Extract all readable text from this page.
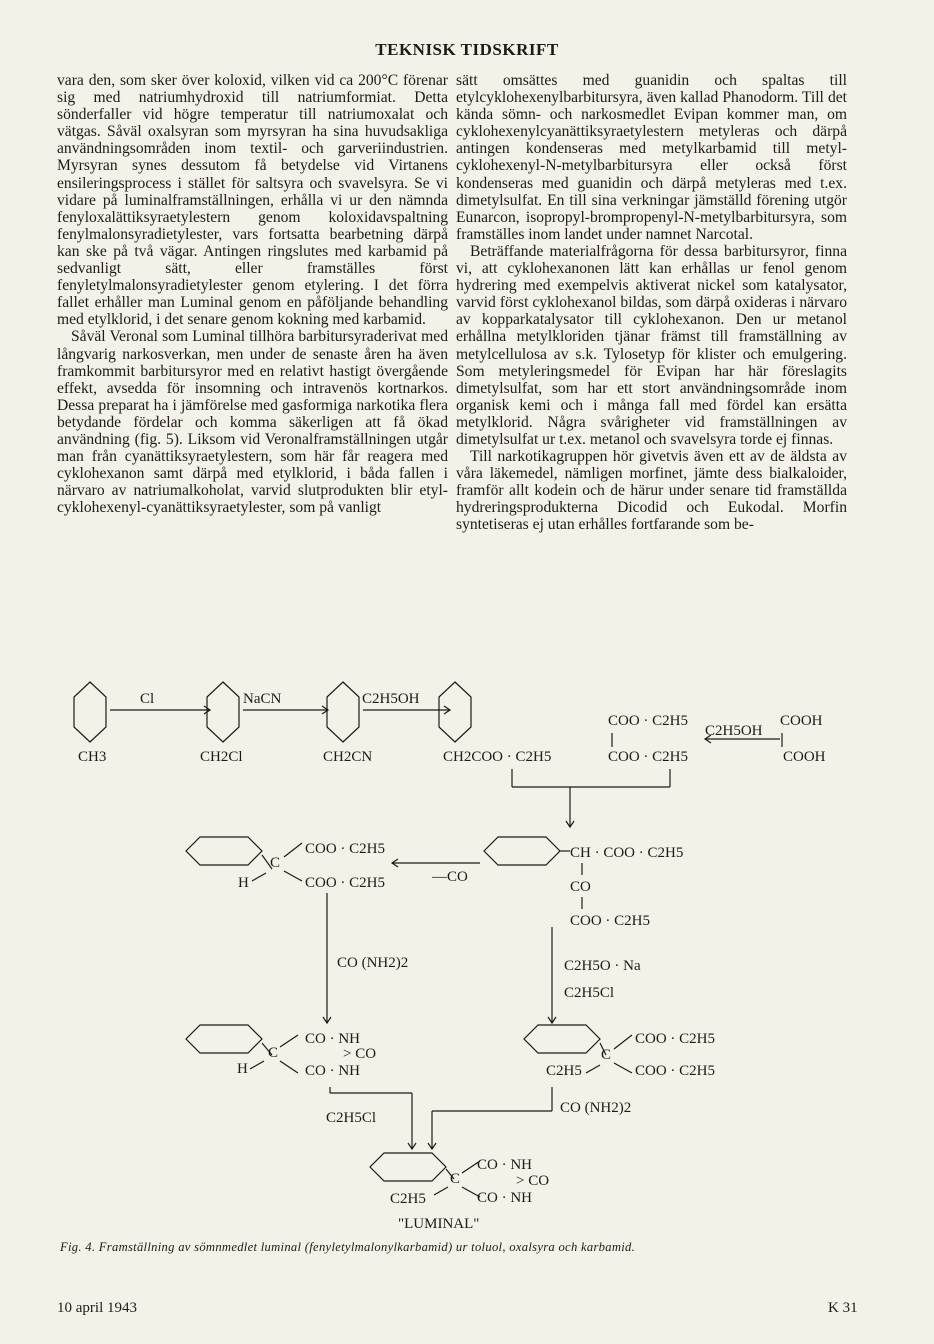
TEKNISK TIDSKRIFT

vara den, som sker över koloxid, vilken vid ca 200°C förenar sig med natriumhydroxid till natriumformiat. Detta sönderfaller vid högre temperatur till natriumoxalat och vätgas. Såväl oxalsyran som myrsyran ha sina huvudsakliga användningsområden inom textil- och garveriindustrien. Myrsyran synes dessutom få betydelse vid Virtanens ensileringsprocess i stället för saltsyra och svavelsyra. Se vi vidare på luminalframställningen, erhålla vi ur den nämnda fenyloxalättiksyraetylestern genom koloxidavspaltning fenylmalonsyradietylester, vars fortsatta bearbetning därpå kan ske på två vägar. Antingen ringslutes med karbamid på sedvanligt sätt, eller framställes först fenyletylmalonsyradietylester genom etylering. I det förra fallet erhåller man Luminal genom en påföljande behandling med etylklorid, i det senare genom kokning med karbamid.

Såväl Veronal som Luminal tillhöra barbitursyraderivat med långvarig narkosverkan, men under de senaste åren ha även framkommit barbitursyror med en relativt hastigt övergående effekt, avsedda för insomning och intravenös kortnarkos. Dessa preparat ha i jämförelse med gasformiga narkotika flera betydande fördelar och komma säkerligen att få ökad användning (fig. 5). Liksom vid Veronalframställningen utgår man från cyanättiksyraetylestern, som här får reagera med cyklohexanon samt därpå med etylklorid, i båda fallen i närvaro av natriumalkoholat, varvid slutprodukten blir etyl-cyklohexenyl-cyanättiksyraetylester, som på vanligt

sätt omsättes med guanidin och spaltas till etylcyklohexenylbarbitursyra, även kallad Phanodorm. Till det kända sömn- och narkosmedlet Evipan kommer man, om cyklohexenylcyanättiksyraetylestern metyleras och därpå antingen kondenseras med metylkarbamid till metyl-cyklohexenyl-N-metylbarbitursyra eller också först kondenseras med guanidin och därpå metyleras med t.ex. dimetylsulfat. En till sina verkningar jämställd förening utgör Eunarcon, isopropyl-brompropenyl-N-metylbarbitursyra, som framställes inom landet under namnet Narcotal.

Beträffande materialfrågorna för dessa barbitursyror, finna vi, att cyklohexanonen lätt kan erhållas ur fenol genom hydrering med exempelvis aktiverat nickel som katalysator, varvid först cyklohexanol bildas, som därpå oxideras i närvaro av kopparkatalysator till cyklohexanon. Den ur metanol erhållna metylkloriden tjänar främst till framställning av metylcellulosa av s.k. Tylosetyp för klister och emulgering. Som metyleringsmedel för Evipan har här föreslagits dimetylsulfat, som har ett stort användningsområde inom organisk kemi och i många fall med fördel kan ersätta metylklorid. Några svårigheter vid framställningen av dimetylsulfat ur t.ex. metanol och svavelsyra torde ej finnas.

Till narkotikagruppen hör givetvis även ett av de äldsta av våra läkemedel, nämligen morfinet, jämte dess bialkaloider, framför allt kodein och de härur under senare tid framställda hydreringsprodukterna Dicodid och Eukodal. Morfin syntetiseras ej utan erhålles fortfarande som be-

Cl
CH3
NaCN
CH2Cl
C2H5OH
CH2CN	CH2COO · C2H5
COO · C2H5
COO · C2H5
C2H5OH
COOH
COOH
C
H
COO · C2H5
COO · C2H5	—CO
CH · COO · C2H5
CO
COO · C2H5
CO (NH2)2	C2H5O · Na
C2H5Cl
C
H
CO · NH
> CO
CO · NH
C
C2H5
COO · C2H5
COO · C2H5
C2H5Cl
CO (NH2)2
C
C2H5
CO · NH
> CO
CO · NH
"LUMINAL"
Fig. 4. Framställning av sömnmedlet luminal (fenyletylmalonylkarbamid) ur toluol, oxalsyra och karbamid.
10 april 1943	K 31
